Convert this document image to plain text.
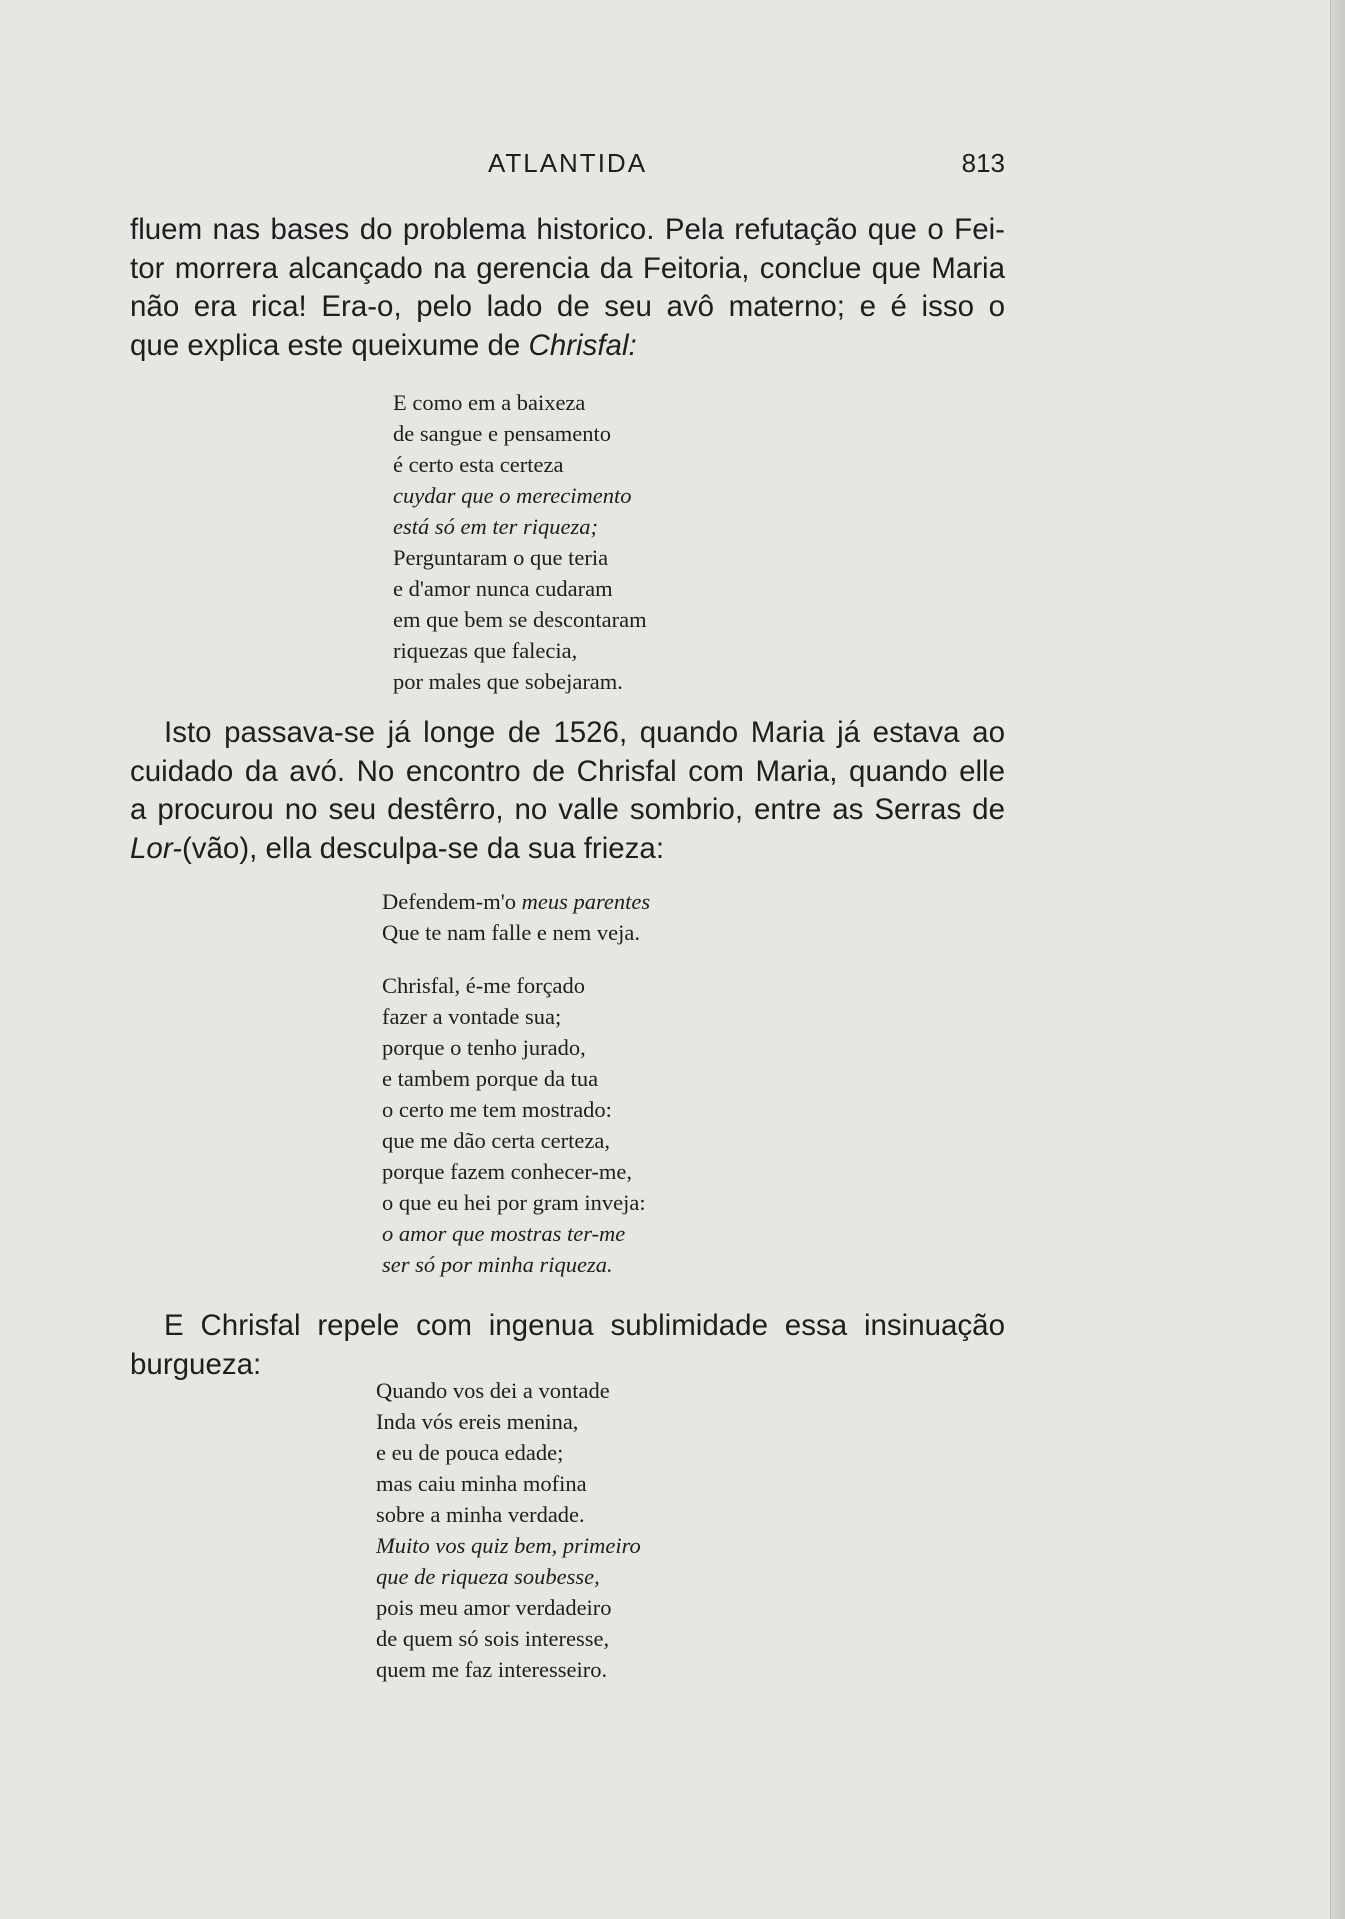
ATLANTIDA	813

fluem nas bases do problema historico. Pela refutação que o Fei-
tor morrera alcançado na gerencia da Feitoria, conclue que Maria
não era rica! Era-o, pelo lado de seu avô materno; e é isso o
que explica este queixume de Chrisfal:

E como em a baixeza
de sangue e pensamento
é certo esta certeza
cuydar que o merecimento
está só em ter riqueza;
Perguntaram o que teria
e d'amor nunca cudaram
em que bem se descontaram
riquezas que falecia,
por males que sobejaram.

Isto passava-se já longe de 1526, quando Maria já estava ao
cuidado da avó. No encontro de Chrisfal com Maria, quando elle
a procurou no seu destêrro, no valle sombrio, entre as Serras de
Lor-(vão), ella desculpa-se da sua frieza:

Defendem-m'o meus parentes
Que te nam falle e nem veja.
Chrisfal, é-me forçado
fazer a vontade sua;
porque o tenho jurado,
e tambem porque da tua
o certo me tem mostrado:
que me dão certa certeza,
porque fazem conhecer-me,
o que eu hei por gram inveja:
o amor que mostras ter-me
ser só por minha riqueza.

E Chrisfal repele com ingenua sublimidade essa insinuação
burgueza:

Quando vos dei a vontade
Inda vós ereis menina,
e eu de pouca edade;
mas caiu minha mofina
sobre a minha verdade.
Muito vos quiz bem, primeiro
que de riqueza soubesse,
pois meu amor verdadeiro
de quem só sois interesse,
quem me faz interesseiro.
